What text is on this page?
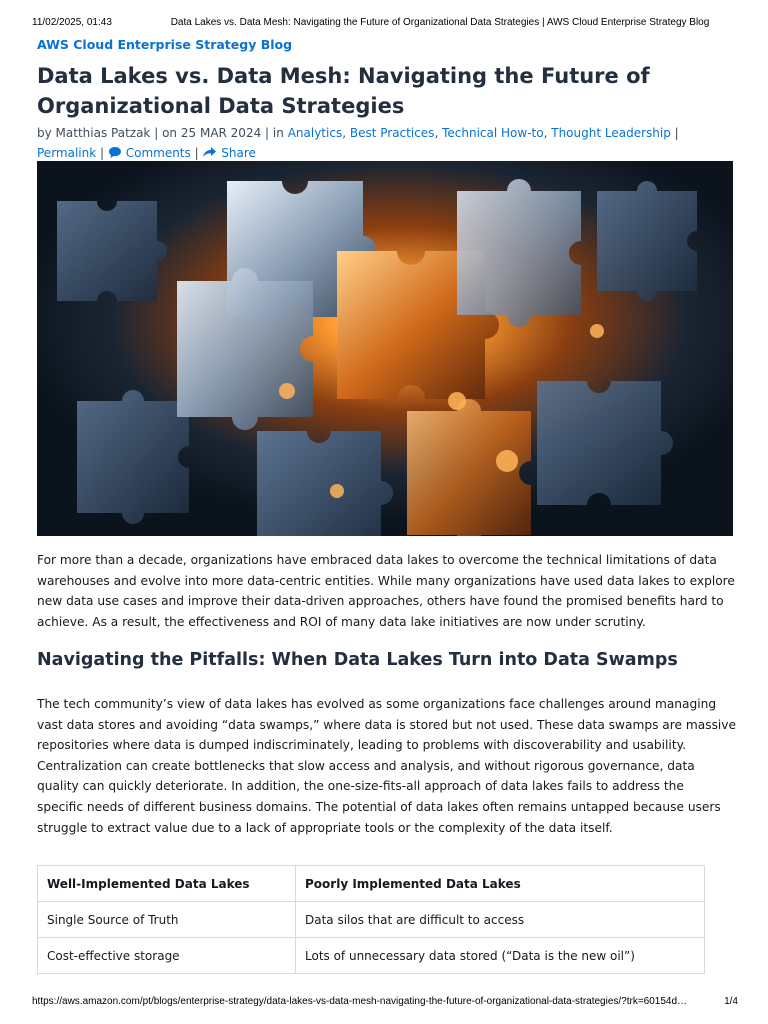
11/02/2025, 01:43	Data Lakes vs. Data Mesh: Navigating the Future of Organizational Data Strategies | AWS Cloud Enterprise Strategy Blog
AWS Cloud Enterprise Strategy Blog
Data Lakes vs. Data Mesh: Navigating the Future of
Organizational Data Strategies
by Matthias Patzak | on 25 MAR 2024 | in Analytics, Best Practices, Technical How-to, Thought Leadership |
Permalink | Comments | Share
For more than a decade, organizations have embraced data lakes to overcome the technical limitations of data
warehouses and evolve into more data-centric entities. While many organizations have used data lakes to explore
new data use cases and improve their data-driven approaches, others have found the promised benefits hard to
achieve. As a result, the effectiveness and ROI of many data lake initiatives are now under scrutiny.
Navigating the Pitfalls: When Data Lakes Turn into Data Swamps
The tech community’s view of data lakes has evolved as some organizations face challenges around managing
vast data stores and avoiding “data swamps,” where data is stored but not used. These data swamps are massive
repositories where data is dumped indiscriminately, leading to problems with discoverability and usability.
Centralization can create bottlenecks that slow access and analysis, and without rigorous governance, data
quality can quickly deteriorate. In addition, the one-size-fits-all approach of data lakes fails to address the
specific needs of different business domains. The potential of data lakes often remains untapped because users
struggle to extract value due to a lack of appropriate tools or the complexity of the data itself.
Well-Implemented Data Lakes	Poorly Implemented Data Lakes
Single Source of Truth	Data silos that are difficult to access
Cost-effective storage	Lots of unnecessary data stored (“Data is the new oil”)
https://aws.amazon.com/pt/blogs/enterprise-strategy/data-lakes-vs-data-mesh-navigating-the-future-of-organizational-data-strategies/?trk=60154d…	1/4
